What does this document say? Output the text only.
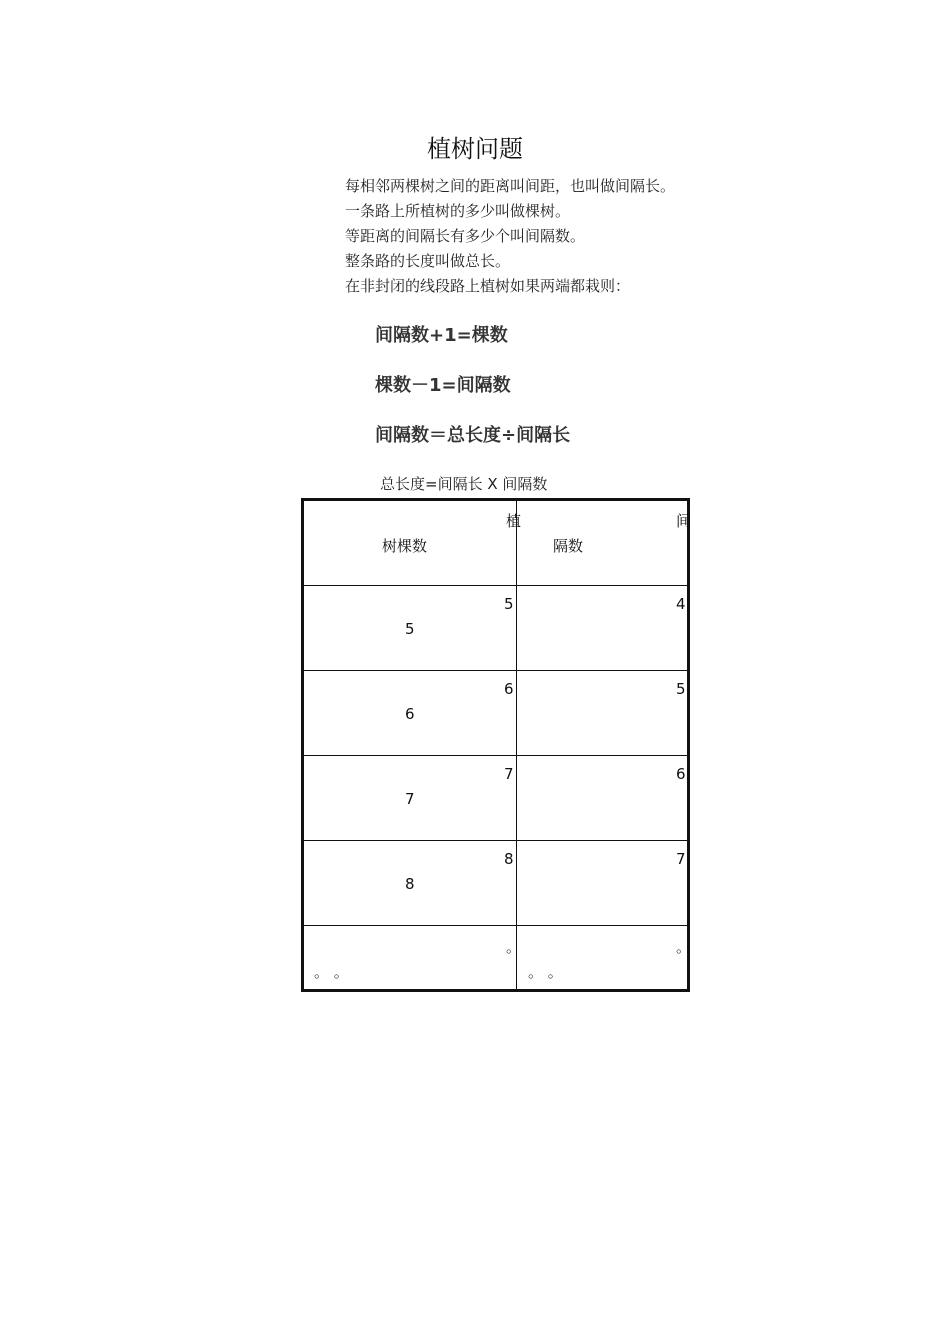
植树问题
每相邻两棵树之间的距离叫间距，也叫做间隔长。
一条路上所植树的多少叫做棵树。
等距离的间隔长有多少个叫间隔数。
整条路的长度叫做总长。
在非封闭的线段路上植树如果两端都栽则：
间隔数+1=棵数
棵数－1=间隔数
间隔数＝总长度÷间隔长
总长度=间隔长 X 间隔数
植
树棵数
间
隔数
5
5
4
6
6
5
7
7
6
8
8
7
。
。 。
。
。 。
